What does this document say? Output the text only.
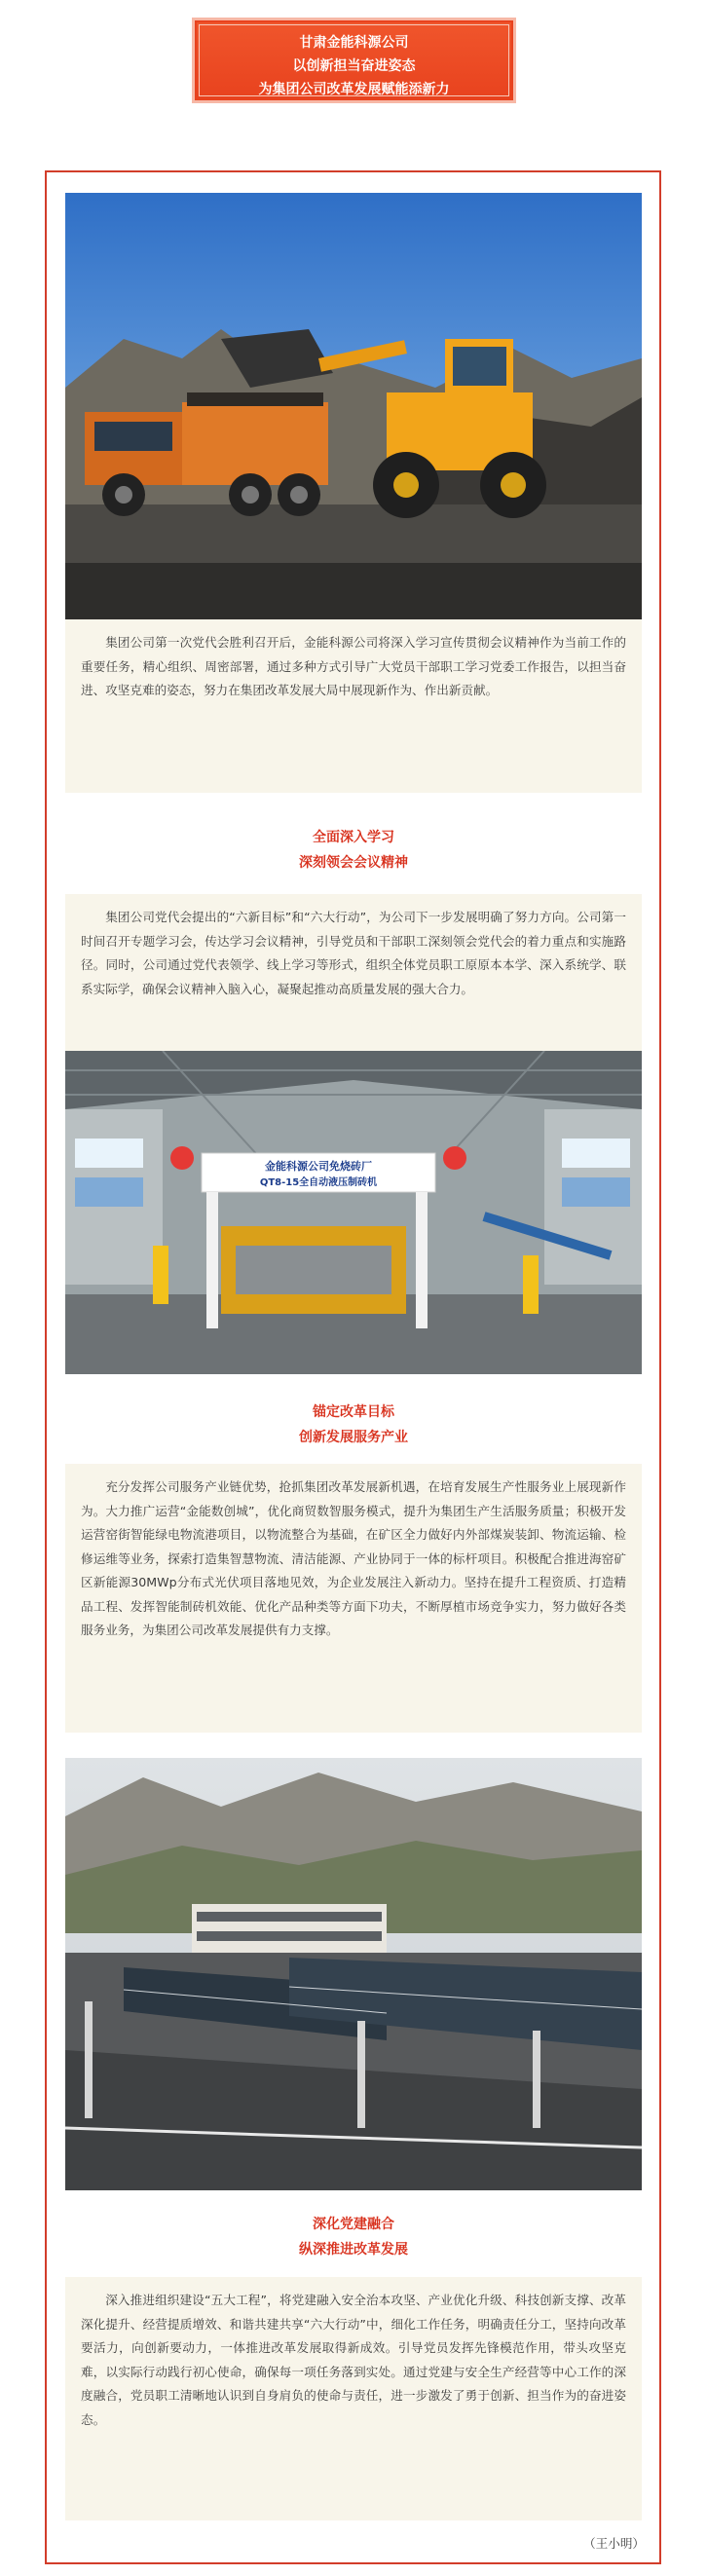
甘肃金能科源公司
以创新担当奋进姿态
为集团公司改革发展赋能添新力
集团公司第一次党代会胜利召开后，金能科源公司将深入学习宣传贯彻会议精神作为当前工作的重要任务，精心组织、周密部署，通过多种方式引导广大党员干部职工学习党委工作报告，以担当奋进、攻坚克难的姿态，努力在集团改革发展大局中展现新作为、作出新贡献。
全面深入学习
深刻领会会议精神
集团公司党代会提出的“六新目标”和“六大行动”，为公司下一步发展明确了努力方向。公司第一时间召开专题学习会，传达学习会议精神，引导党员和干部职工深刻领会党代会的着力重点和实施路径。同时，公司通过党代表领学、线上学习等形式，组织全体党员职工原原本本学、深入系统学、联系实际学，确保会议精神入脑入心，凝聚起推动高质量发展的强大合力。
金能科源公司免烧砖厂
QT8-15全自动液压制砖机
锚定改革目标
创新发展服务产业
充分发挥公司服务产业链优势，抢抓集团改革发展新机遇，在培育发展生产性服务业上展现新作为。大力推广运营“金能数创城”，优化商贸数智服务模式，提升为集团生产生活服务质量；积极开发运营窑街智能绿电物流港项目，以物流整合为基础，在矿区全力做好内外部煤炭装卸、物流运输、检修运维等业务，探索打造集智慧物流、清洁能源、产业协同于一体的标杆项目。积极配合推进海窑矿区新能源30MWp分布式光伏项目落地见效，为企业发展注入新动力。坚持在提升工程资质、打造精品工程、发挥智能制砖机效能、优化产品种类等方面下功夫，不断厚植市场竞争实力，努力做好各类服务业务，为集团公司改革发展提供有力支撑。
深化党建融合
纵深推进改革发展
深入推进组织建设“五大工程”，将党建融入安全治本攻坚、产业优化升级、科技创新支撑、改革深化提升、经营提质增效、和谐共建共享“六大行动”中，细化工作任务，明确责任分工，坚持向改革要活力，向创新要动力，一体推进改革发展取得新成效。引导党员发挥先锋模范作用，带头攻坚克难，以实际行动践行初心使命，确保每一项任务落到实处。通过党建与安全生产经营等中心工作的深度融合，党员职工清晰地认识到自身肩负的使命与责任，进一步激发了勇于创新、担当作为的奋进姿态。
（王小明）
